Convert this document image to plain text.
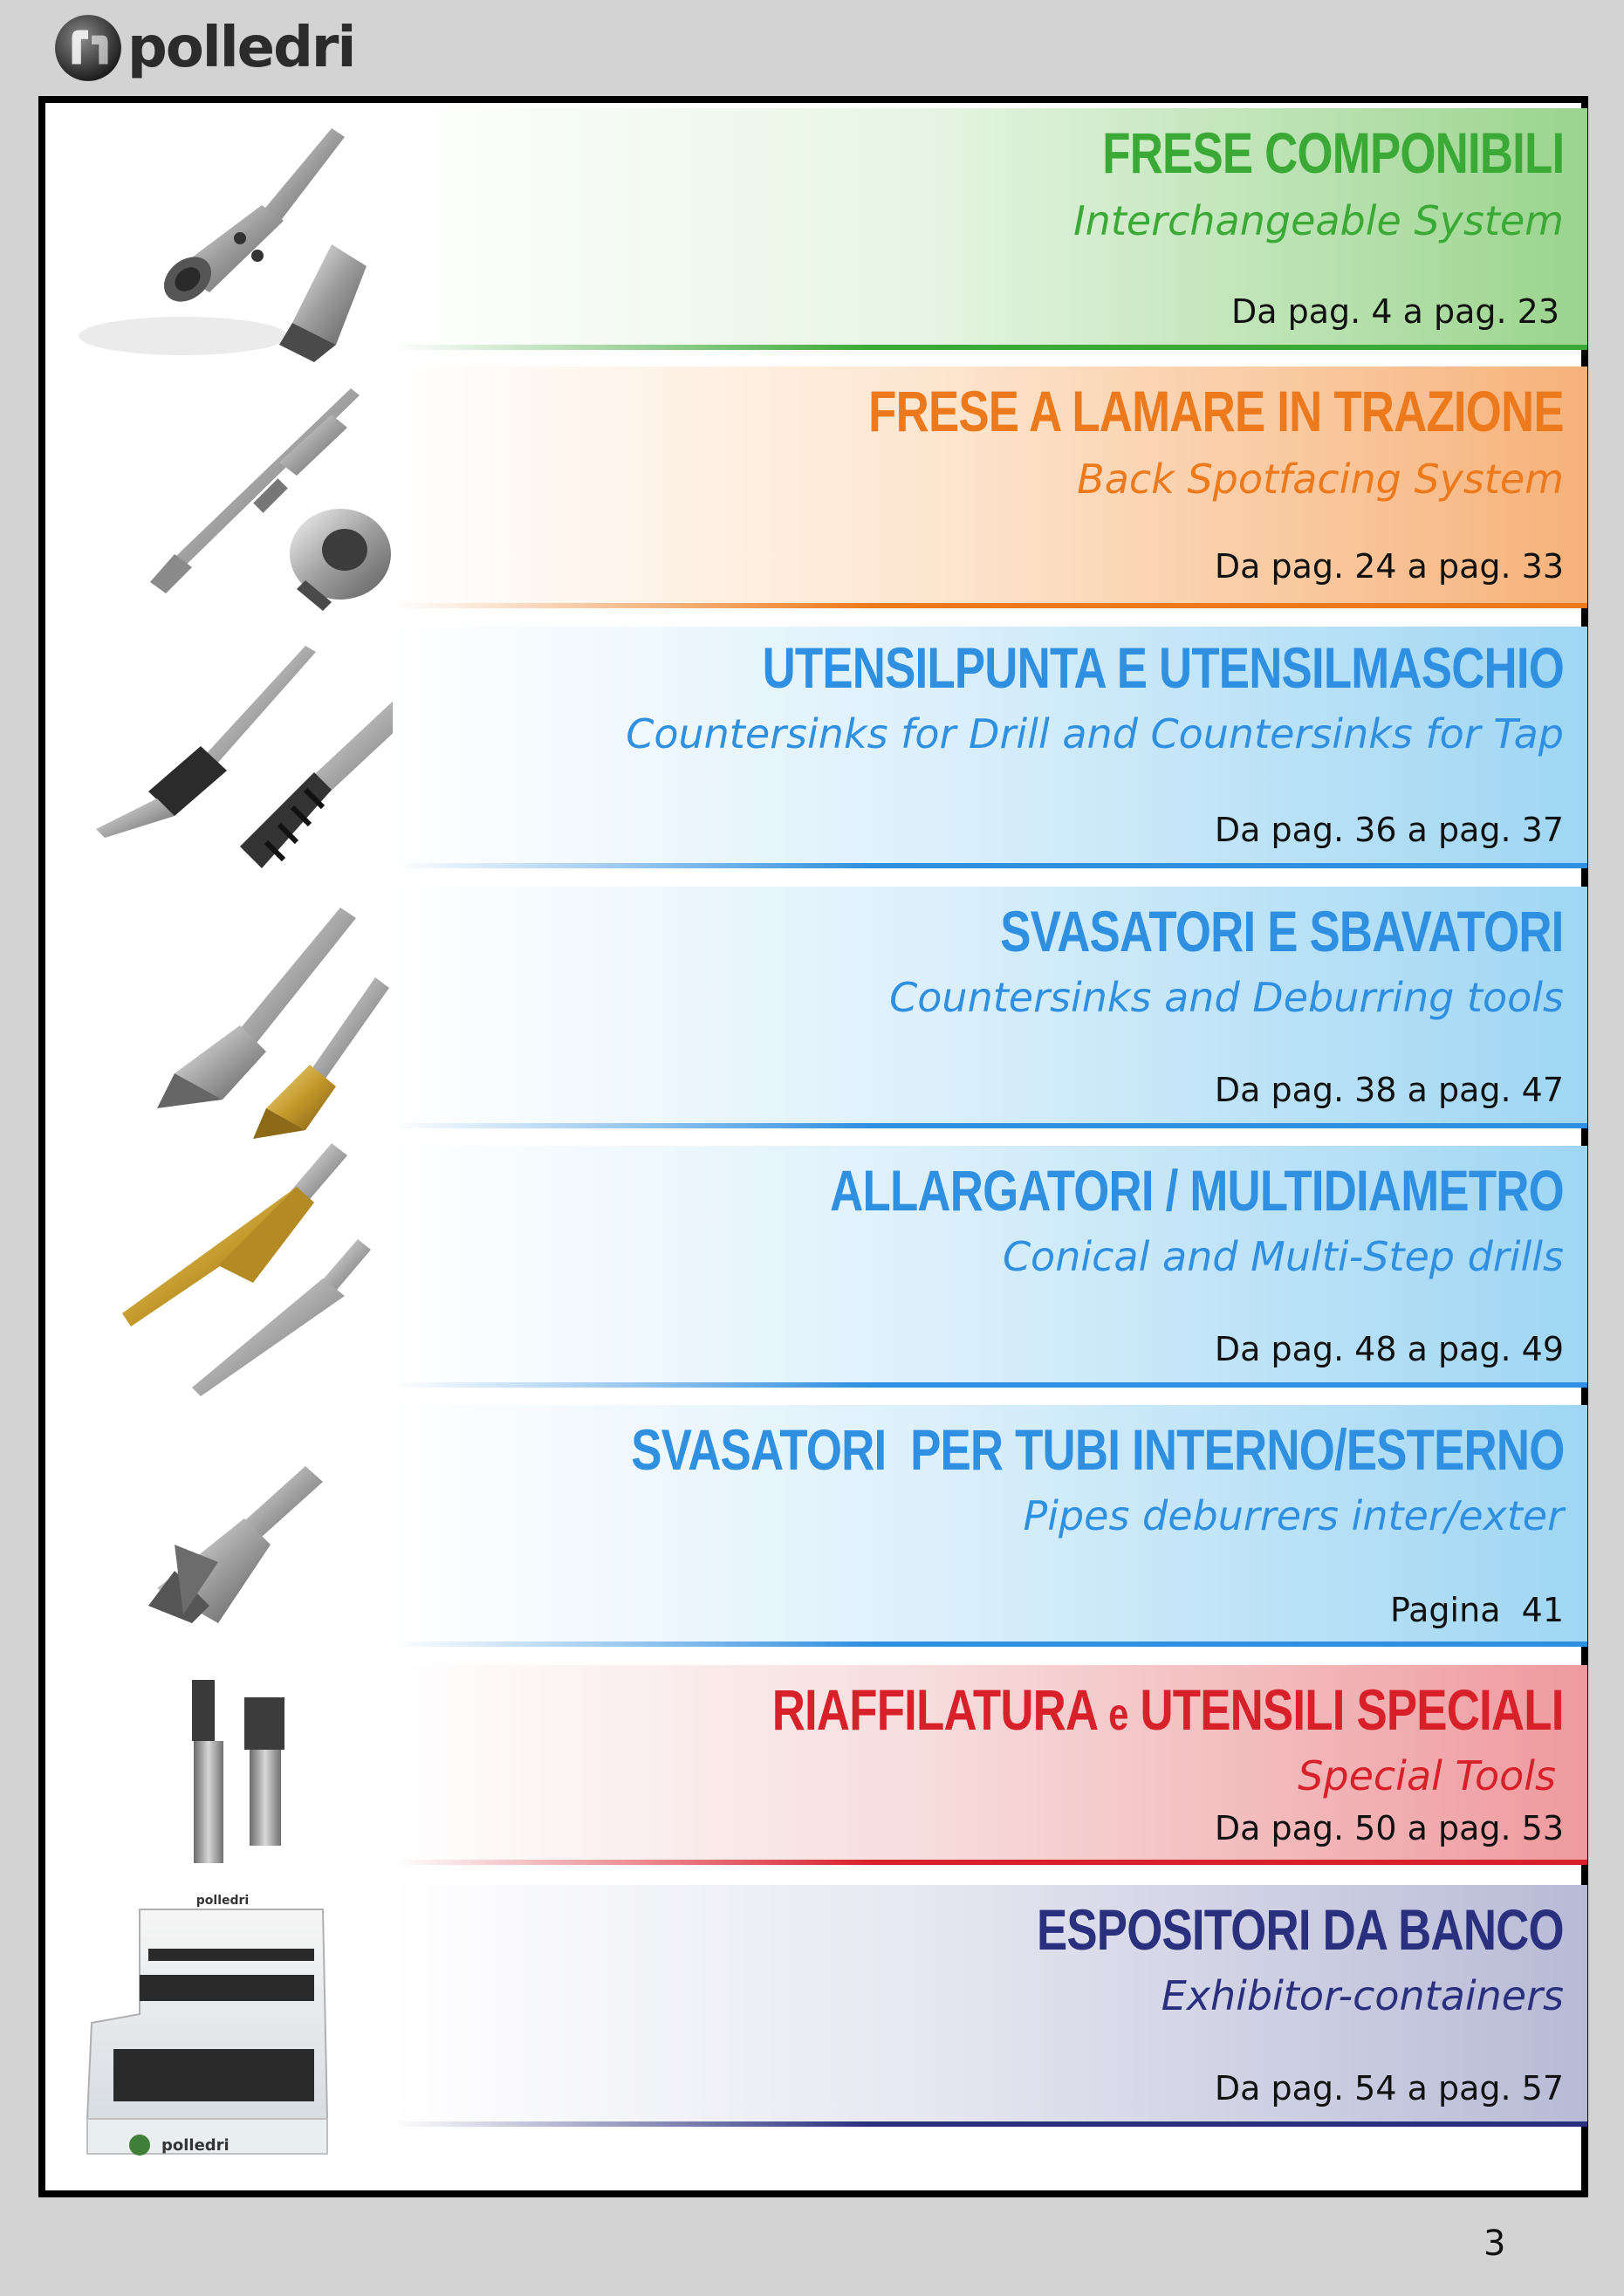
polledri
FRESE COMPONIBILI
Interchangeable System
Da pag. 4 a pag. 23
FRESE A LAMARE IN TRAZIONE
Back Spotfacing System
Da pag. 24 a pag. 33
UTENSILPUNTA E UTENSILMASCHIO
Countersinks for Drill and Countersinks for Tap
Da pag. 36 a pag. 37
SVASATORI E SBAVATORI
Countersinks and Deburring tools
Da pag. 38 a pag. 47
ALLARGATORI / MULTIDIAMETRO
Conical and Multi-Step drills
Da pag. 48 a pag. 49
SVASATORI  PER TUBI INTERNO/ESTERNO
Pipes deburrers inter/exter
Pagina  41
RIAFFILATURA e UTENSILI SPECIALI
Special Tools
Da pag. 50 a pag. 53
ESPOSITORI DA BANCO
Exhibitor-containers
Da pag. 54 a pag. 57
polledri
polledri
3
